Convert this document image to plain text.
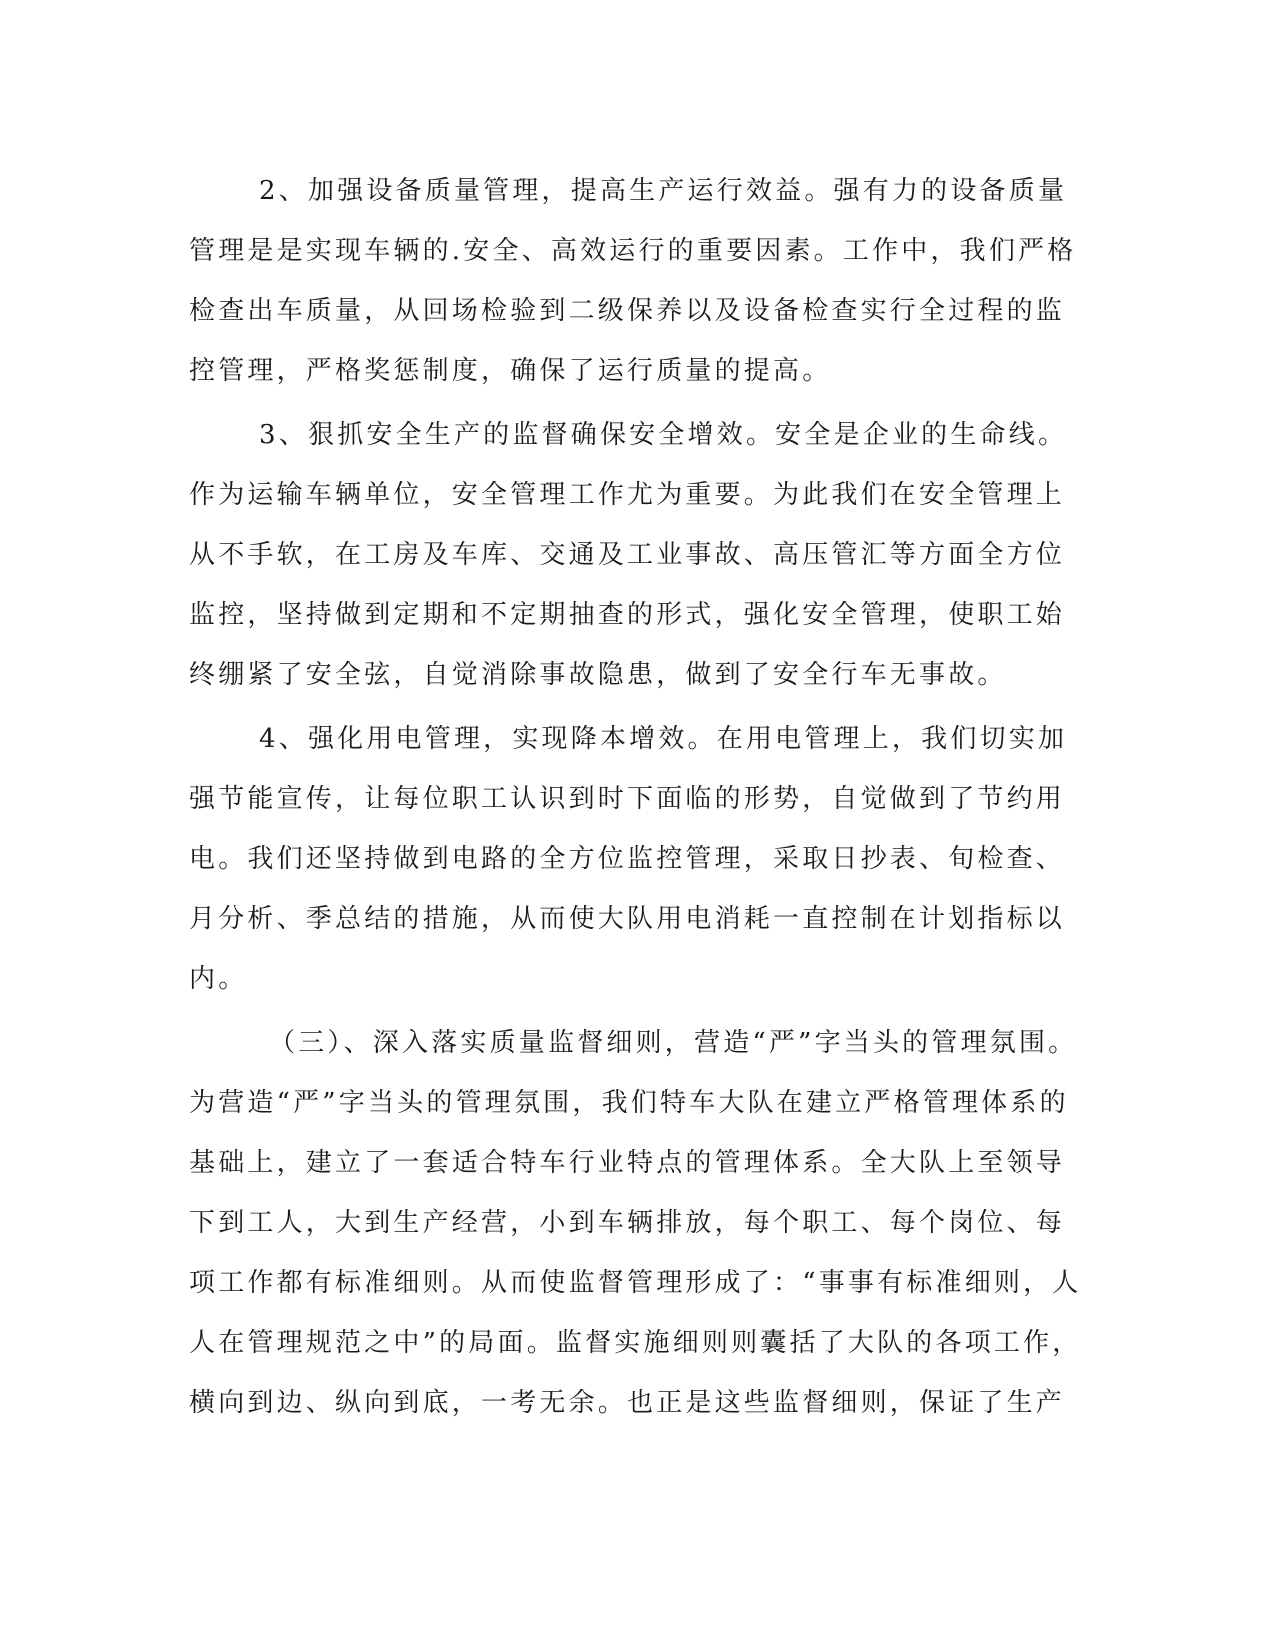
2、加强设备质量管理，提高生产运行效益。强有力的设备质量
管理是是实现车辆的.安全、高效运行的重要因素。工作中，我们严格
检查出车质量，从回场检验到二级保养以及设备检查实行全过程的监
控管理，严格奖惩制度，确保了运行质量的提高。
3、狠抓安全生产的监督确保安全增效。安全是企业的生命线。
作为运输车辆单位，安全管理工作尤为重要。为此我们在安全管理上
从不手软，在工房及车库、交通及工业事故、高压管汇等方面全方位
监控，坚持做到定期和不定期抽查的形式，强化安全管理，使职工始
终绷紧了安全弦，自觉消除事故隐患，做到了安全行车无事故。
4、强化用电管理，实现降本增效。在用电管理上，我们切实加
强节能宣传，让每位职工认识到时下面临的形势，自觉做到了节约用
电。我们还坚持做到电路的全方位监控管理，采取日抄表、旬检查、
月分析、季总结的措施，从而使大队用电消耗一直控制在计划指标以
内。
（三）、深入落实质量监督细则，营造“严”字当头的管理氛围。
为营造“严”字当头的管理氛围，我们特车大队在建立严格管理体系的
基础上，建立了一套适合特车行业特点的管理体系。全大队上至领导
下到工人，大到生产经营，小到车辆排放，每个职工、每个岗位、每
项工作都有标准细则。从而使监督管理形成了：“事事有标准细则，人
人在管理规范之中”的局面。监督实施细则则囊括了大队的各项工作，
横向到边、纵向到底，一考无余。也正是这些监督细则，保证了生产
